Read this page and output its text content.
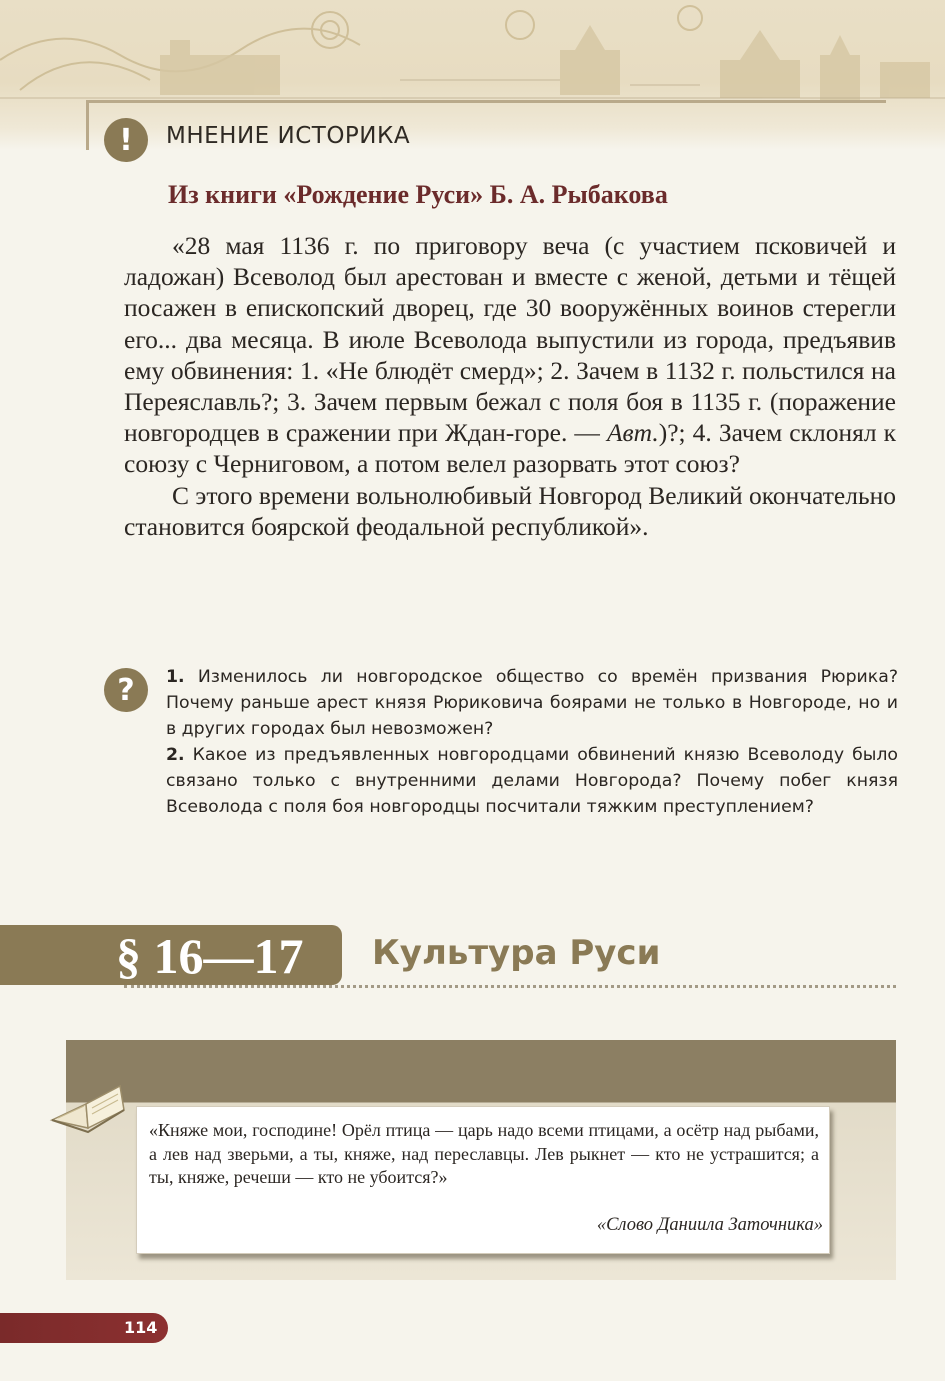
!	МНЕНИЕ ИСТОРИКА
Из книги «Рождение Руси» Б. А. Рыбакова

«28 мая 1136 г. по приговору веча (с участием псковичей и ладожан) Всеволод был арестован и вместе с женой, детьми и тёщей посажен в епископский дворец, где 30 вооружённых воинов стерегли его... два месяца. В июле Всеволода выпустили из города, предъявив ему обвинения: 1. «Не блюдёт смерд»; 2. Зачем в 1132 г. польстился на Переяславль?; 3. Зачем первым бежал с поля боя в 1135 г. (поражение новгородцев в сражении при Ждан-горе. — Авт.)?; 4. Зачем склонял к союзу с Черниговом, а потом велел разорвать этот союз?

С этого времени вольнолюбивый Новгород Великий окончательно становится боярской феодальной республикой».

?	1. Изменилось ли новгородское общество со времён призвания Рюрика? Почему раньше арест князя Рюриковича боярами не только в Новгороде, но и в других городах был невозможен?

2. Какое из предъявленных новгородцами обвинений князю Всеволоду было связано только с внутренними делами Новгорода? Почему побег князя Всеволода с поля боя новгородцы посчитали тяжким преступлением?

§ 16—17 Культура Руси
«Княже мои, господине! Орёл птица — царь надо всеми птицами, а осётр над рыбами, а лев над зверьми, а ты, княже, над переславцы. Лев рыкнет — кто не устрашится; а ты, княже, речеши — кто не убоится?»
«Слово Даниила Заточника»
114
